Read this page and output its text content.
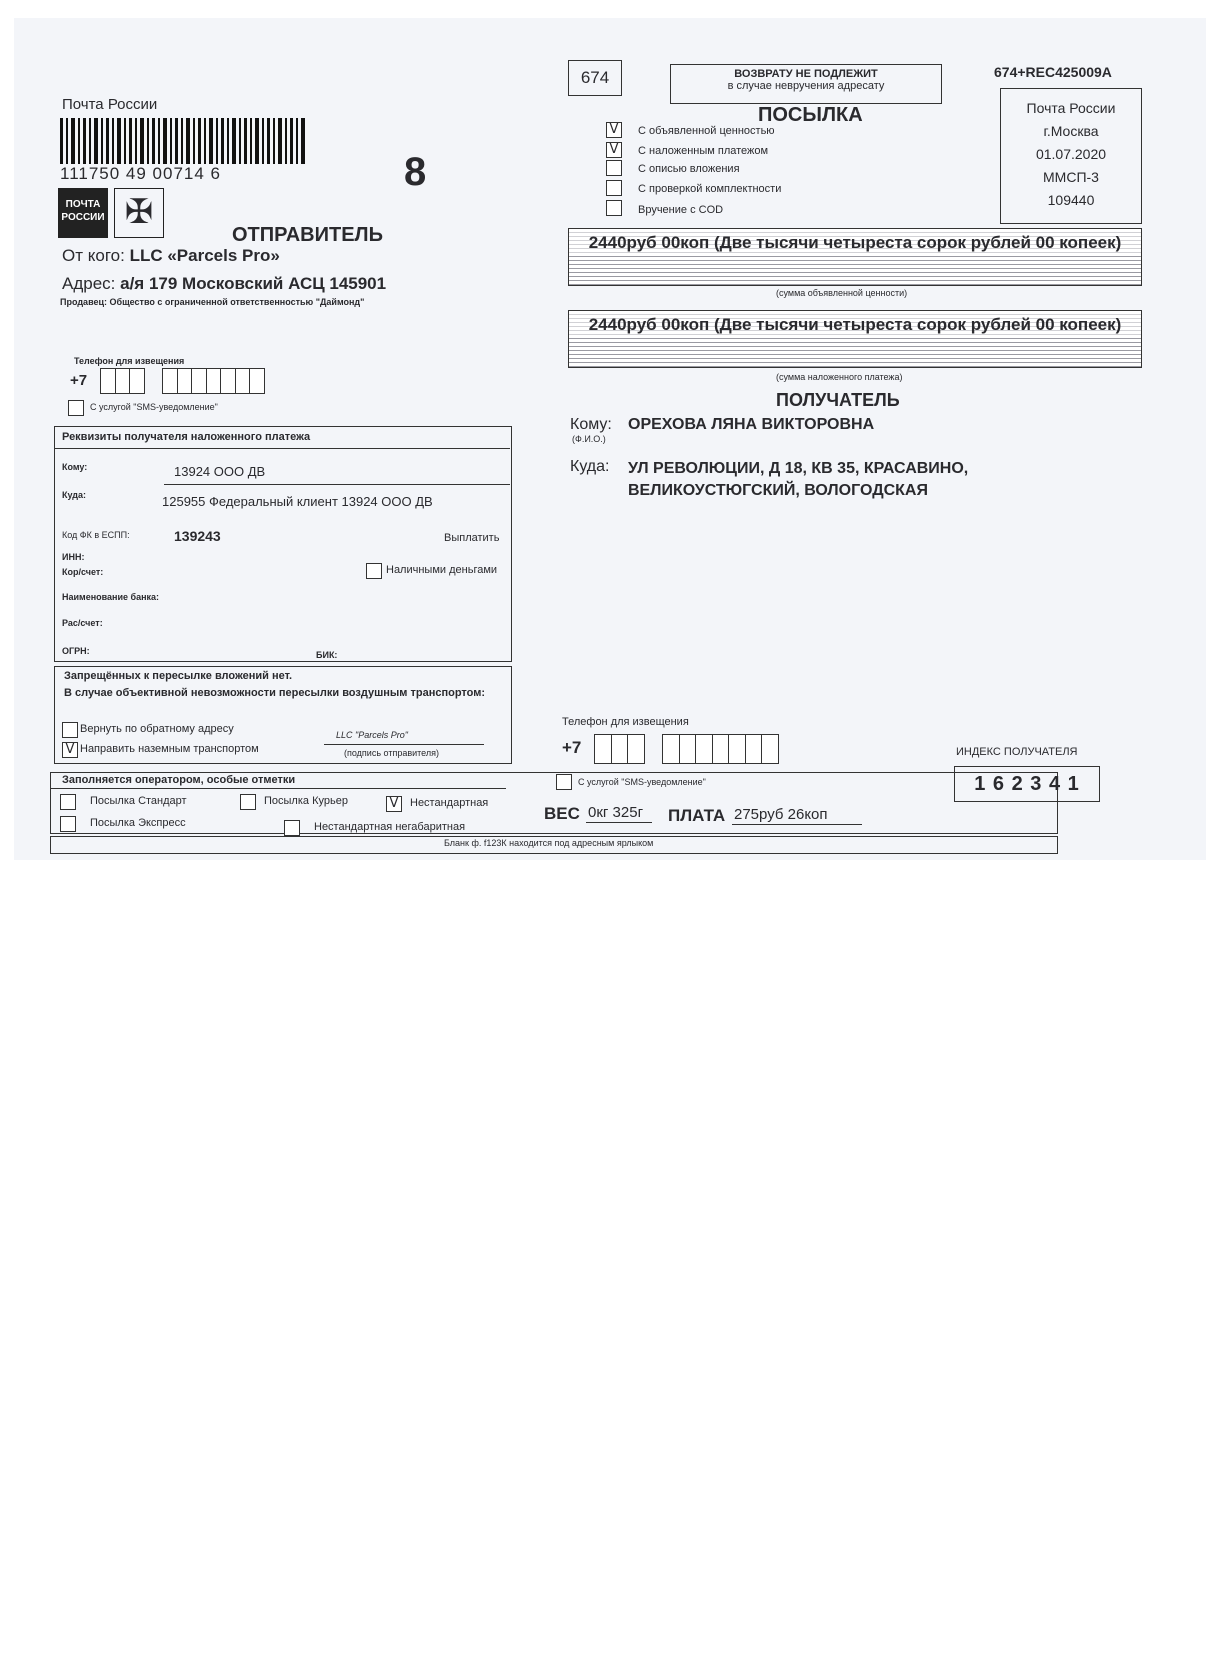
Почта России
111750 49 00714 6	8
ПОЧТА РОССИИ ✠
ОТПРАВИТЕЛЬ
От кого: LLC «Parcels Pro»
Адрес: а/я 179 Московский АСЦ 145901
Продавец: Общество с ограниченной ответственностью "Даймонд"
Телефон для извещения
+7

С услугой "SMS-уведомление"
Реквизиты получателя наложенного платежа
Кому:	13924 ООО ДВ
Куда:	125955 Федеральный клиент 13924 ООО ДВ
Код ФК в ЕСПП:	139243	Выплатить
ИНН:
Кор/счет:	Наличными деньгами
Наименование банка:
Рас/счет:
ОГРН:	БИК:
Запрещённых к пересылке вложений нет.
В случае объективной невозможности пересылки воздушным транспортом:
Вернуть по обратному адресу
V Направить наземным транспортом
LLC "Parcels Pro"
(подпись отправителя)
Заполняется оператором, особые отметки
Посылка Стандарт	Посылка Курьер	V	Нестандартная
Посылка Экспресс	Нестандартная негабаритная
Бланк ф. f123К находится под адресным ярлыком
674	ВОЗВРАТУ НЕ ПОДЛЕЖИТ
в случае невручения адресату
674+REC425009A
ПОСЫЛКА
V	С объявленной ценностью
V	С наложенным платежом
С описью вложения
С проверкой комплектности
Вручение с COD
Почта России
г.Москва
01.07.2020
ММСП-3
109440
2440руб 00коп (Две тысячи четыреста сорок рублей 00 копеек)
(сумма объявленной ценности)
2440руб 00коп (Две тысячи четыреста сорок рублей 00 копеек)
(сумма наложенного платежа)
ПОЛУЧАТЕЛЬ
Кому:
(Ф.И.О.)
ОРЕХОВА ЛЯНА ВИКТОРОВНА
Куда: УЛ РЕВОЛЮЦИИ, Д 18, КВ 35, КРАСАВИНО,
ВЕЛИКОУСТЮГСКИЙ, ВОЛОГОДСКАЯ
Телефон для извещения
+7

С услугой "SMS-уведомление"
ИНДЕКС ПОЛУЧАТЕЛЯ
1 6 2 3 4 1
ВЕС 0кг 325г ПЛАТА 275руб 26коп
